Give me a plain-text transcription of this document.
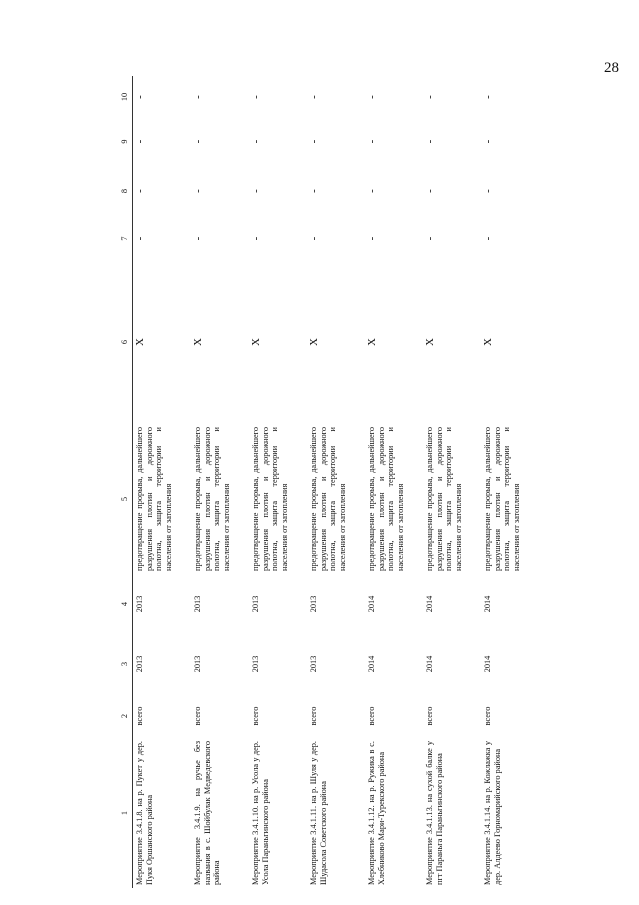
28
1	2	3	4	5	6	7	8	9	10
Мероприятие 3.4.1.8. на р. Пукет у дер. Пукя Оршанского района	всего	2013	2013	предотвращение прорыва, дальнейшего разрушения плотин и дорожного полотна, защита территории и населения от затопления	X	-	-	-	-
Мероприятие 3.4.1.9. на ручье без названия в с. Шойбулак Медведевского района	всего	2013	2013	предотвращение прорыва, дальнейшего разрушения плотин и дорожного полотна, защита территории и населения от затопления	X	-	-	-	-
Мероприятие 3.4.1.10. на р. Усола у дер. Усола Параньгинского района	всего	2013	2013	предотвращение прорыва, дальнейшего разрушения плотин и дорожного полотна, защита территории и населения от затопления	X	-	-	-	-
Мероприятие 3.4.1.11. на р. Шуля у дер. Шудасола Советского района	всего	2013	2013	предотвращение прорыва, дальнейшего разрушения плотин и дорожного полотна, защита территории и населения от затопления	X	-	-	-	-
Мероприятие 3.4.1.12. на р. Ружика в с. Хлебниково Мари-Турекского района	всего	2014	2014	предотвращение прорыва, дальнейшего разрушения плотин и дорожного полотна, защита территории и населения от затопления	X	-	-	-	-
Мероприятие 3.4.1.13. на сухой балке у пгт Параньга Параньгинского района	всего	2014	2014	предотвращение прорыва, дальнейшего разрушения плотин и дорожного полотна, защита территории и населения от затопления	X	-	-	-	-
Мероприятие 3.4.1.14. на р. Кожлажка у дер. Алдеево Горномарийского района	всего	2014	2014	предотвращение прорыва, дальнейшего разрушения плотин и дорожного полотна, защита территории и населения от затопления	X	-	-	-	-
